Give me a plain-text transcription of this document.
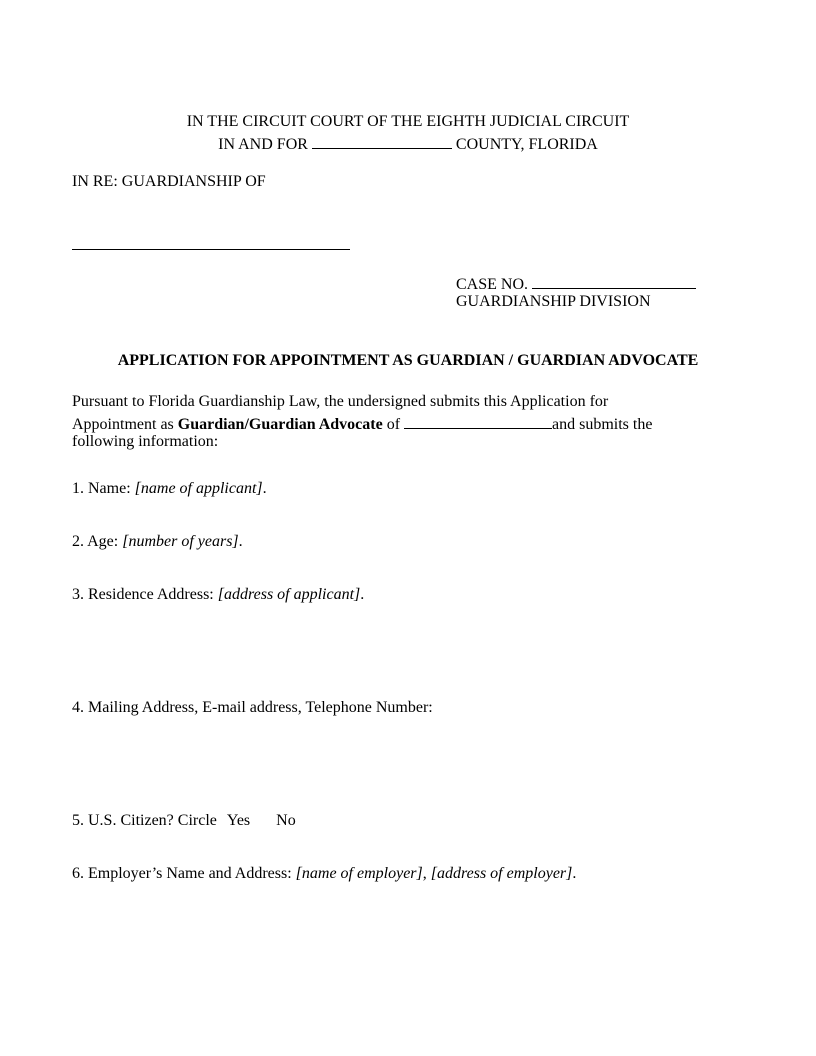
IN THE CIRCUIT COURT OF THE EIGHTH JUDICIAL CIRCUIT
IN AND FOR	COUNTY, FLORIDA
IN RE: GUARDIANSHIP OF
CASE NO.
GUARDIANSHIP DIVISION
APPLICATION FOR APPOINTMENT AS GUARDIAN / GUARDIAN ADVOCATE
Pursuant to Florida Guardianship Law, the undersigned submits this Application for
Appointment as Guardian/Guardian Advocate of	and submits the
following information:
1. Name: [name of applicant].
2. Age: [number of years].
3. Residence Address: [address of applicant].
4. Mailing Address, E-mail address, Telephone Number:
5. U.S. Citizen? Circle Yes No
6. Employer’s Name and Address: [name of employer], [address of employer].
